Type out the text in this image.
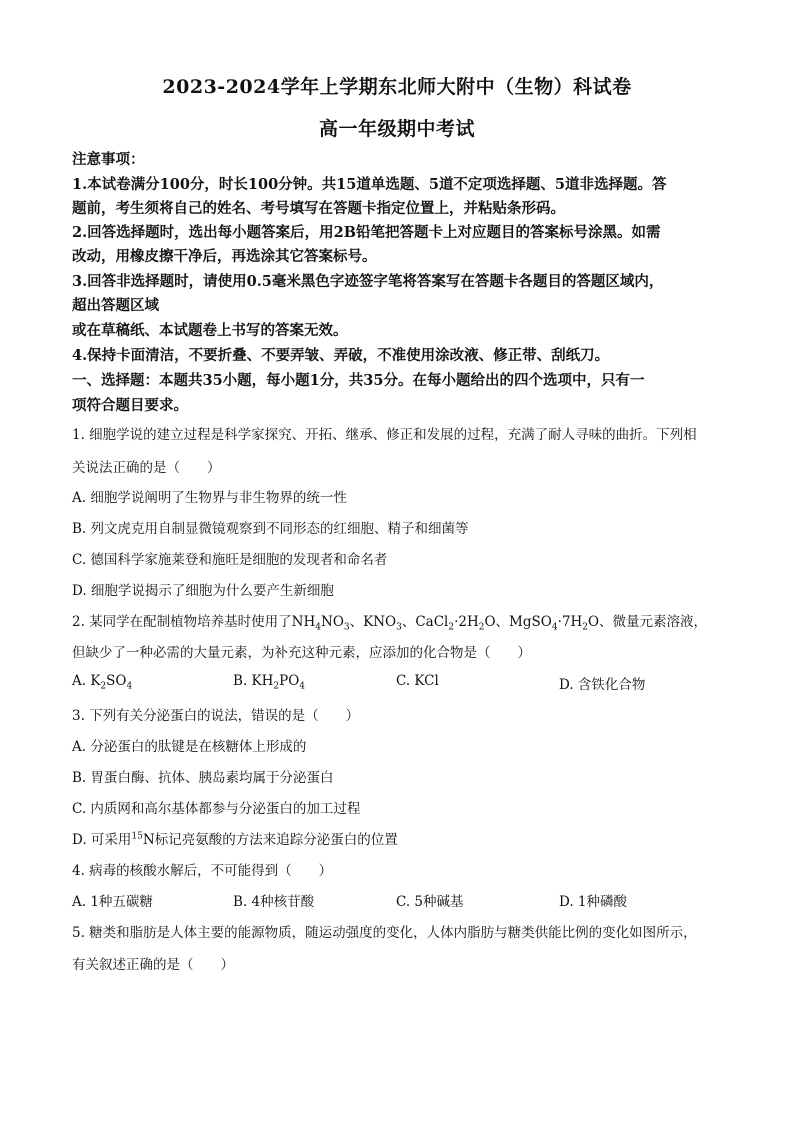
2023-2024学年上学期东北师大附中（生物）科试卷
高一年级期中考试
注意事项：
1.本试卷满分100分，时长100分钟。共15道单选题、5道不定项选择题、5道非选择题。答
题前，考生须将自己的姓名、考号填写在答题卡指定位置上，并粘贴条形码。
2.回答选择题时，选出每小题答案后，用2B铅笔把答题卡上对应题目的答案标号涂黑。如需
改动，用橡皮擦干净后，再选涂其它答案标号。
3.回答非选择题时，请使用0.5毫米黑色字迹签字笔将答案写在答题卡各题目的答题区域内，
超出答题区域
或在草稿纸、本试题卷上书写的答案无效。
4.保持卡面清洁，不要折叠、不要弄皱、弄破，不准使用涂改液、修正带、刮纸刀。
一、选择题：本题共35小题，每小题1分，共35分。在每小题给出的四个选项中，只有一
项符合题目要求。
1. 细胞学说的建立过程是科学家探究、开拓、继承、修正和发展的过程，充满了耐人寻味的曲折。下列相
关说法正确的是（　　）
A. 细胞学说阐明了生物界与非生物界的统一性
B. 列文虎克用自制显微镜观察到不同形态的红细胞、精子和细菌等
C. 德国科学家施莱登和施旺是细胞的发现者和命名者
D. 细胞学说揭示了细胞为什么要产生新细胞
2. 某同学在配制植物培养基时使用了$NH_4NO_3$、$KNO_3$、$CaCl_2\cdot 2H_2O$、$MgSO_4\cdot 7H_2O$、微量元素溶液，
但缺少了一种必需的大量元素，为补充这种元素，应添加的化合物是（　　）
A. $K_2SO_4$	B. $KH_2PO_4$	C. KCl	D. 含铁化合物
3. 下列有关分泌蛋白的说法，错误的是（　　）
A. 分泌蛋白的肽键是在核糖体上形成的
B. 胃蛋白酶、抗体、胰岛素均属于分泌蛋白
C. 内质网和高尔基体都参与分泌蛋白的加工过程
D. 可采用$^{15}$N标记亮氨酸的方法来追踪分泌蛋白的位置
4. 病毒的核酸水解后，不可能得到（　　）
A. 1种五碳糖	B. 4种核苷酸	C. 5种碱基	D. 1种磷酸
5. 糖类和脂肪是人体主要的能源物质，随运动强度的变化，人体内脂肪与糖类供能比例的变化如图所示，
有关叙述正确的是（　　）
